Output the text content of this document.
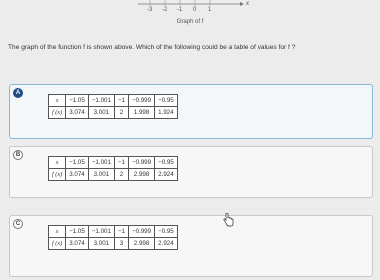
-3 -2 -1 0 1
x
Graph of f
The graph of the function f is shown above. Which of the following could be a table of values for f ?
A
x	−1.05	−1.001	−1	−0.999	−0.95
f (x)	3.074	3.001	2	1.998	1.924
B
x	−1.05	−1.001	−1	−0.999	−0.95
f (x)	3.074	3.001	2	2.998	2.924
C
x	−1.05	−1.001	−1	−0.999	−0.95
f (x)	3.074	3.001	3	2.998	2.924
